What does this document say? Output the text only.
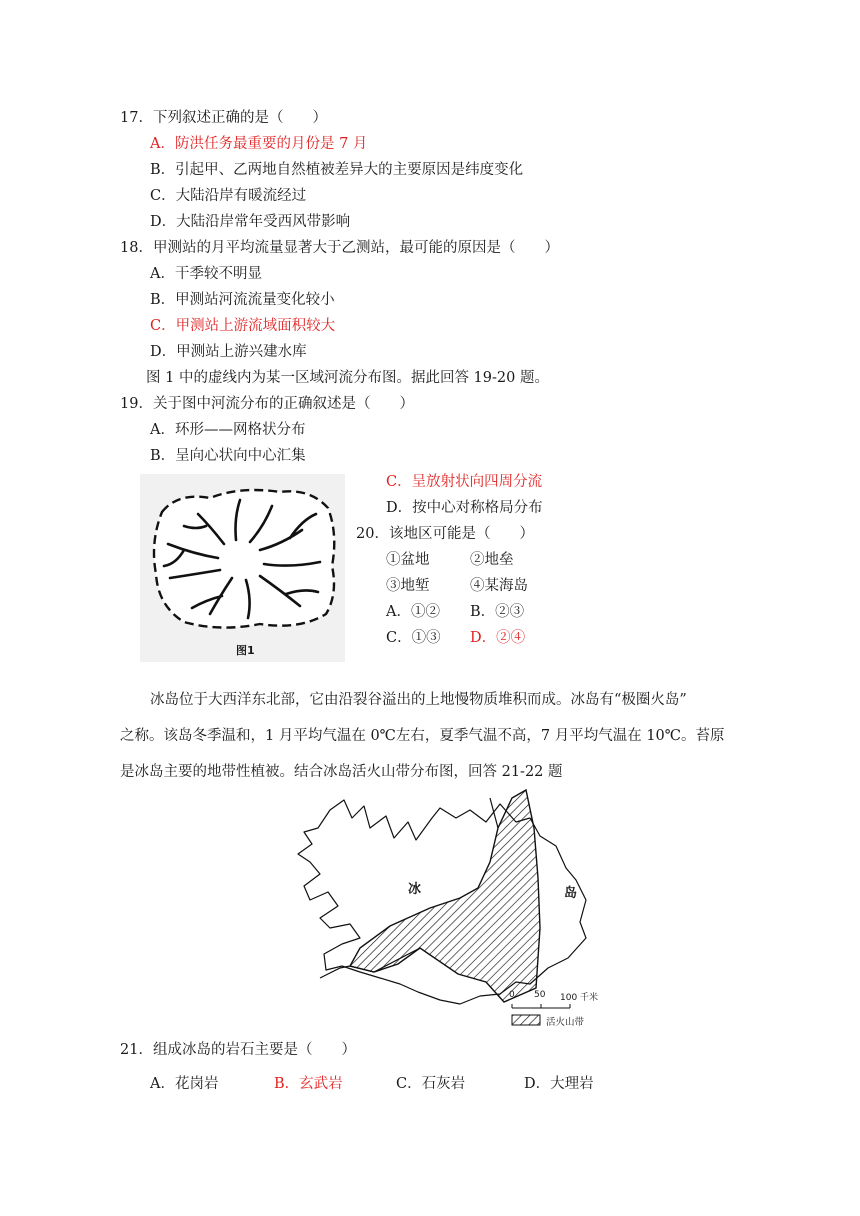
17．下列叙述正确的是（　　）
A．防洪任务最重要的月份是 7 月
B．引起甲、乙两地自然植被差异大的主要原因是纬度变化
C．大陆沿岸有暖流经过
D．大陆沿岸常年受西风带影响
18．甲测站的月平均流量显著大于乙测站，最可能的原因是（　　）
A．干季较不明显
B．甲测站河流流量变化较小
C．甲测站上游流域面积较大
D．甲测站上游兴建水库
图 1 中的虚线内为某一区域河流分布图。据此回答 19-20 题。
19．关于图中河流分布的正确叙述是（　　）
A．环形——网格状分布
B．呈向心状向中心汇集
C．呈放射状向四周分流
D．按中心对称格局分布
20．该地区可能是（　　）
①盆地	②地垒
③地堑	④某海岛
A．①② B．②③
C．①③ D．②④
图1
冰岛位于大西洋东北部，它由沿裂谷溢出的上地慢物质堆积而成。冰岛有“极圈火岛”
之称。该岛冬季温和，1 月平均气温在 0℃左右，夏季气温不高，7 月平均气温在 10℃。苔原
是冰岛主要的地带性植被。结合冰岛活火山带分布图，回答 21-22 题
冰	岛
0 50 100 千米
活火山带
21．组成冰岛的岩石主要是（　　）
A．花岗岩	B．玄武岩	C．石灰岩	D．大理岩
